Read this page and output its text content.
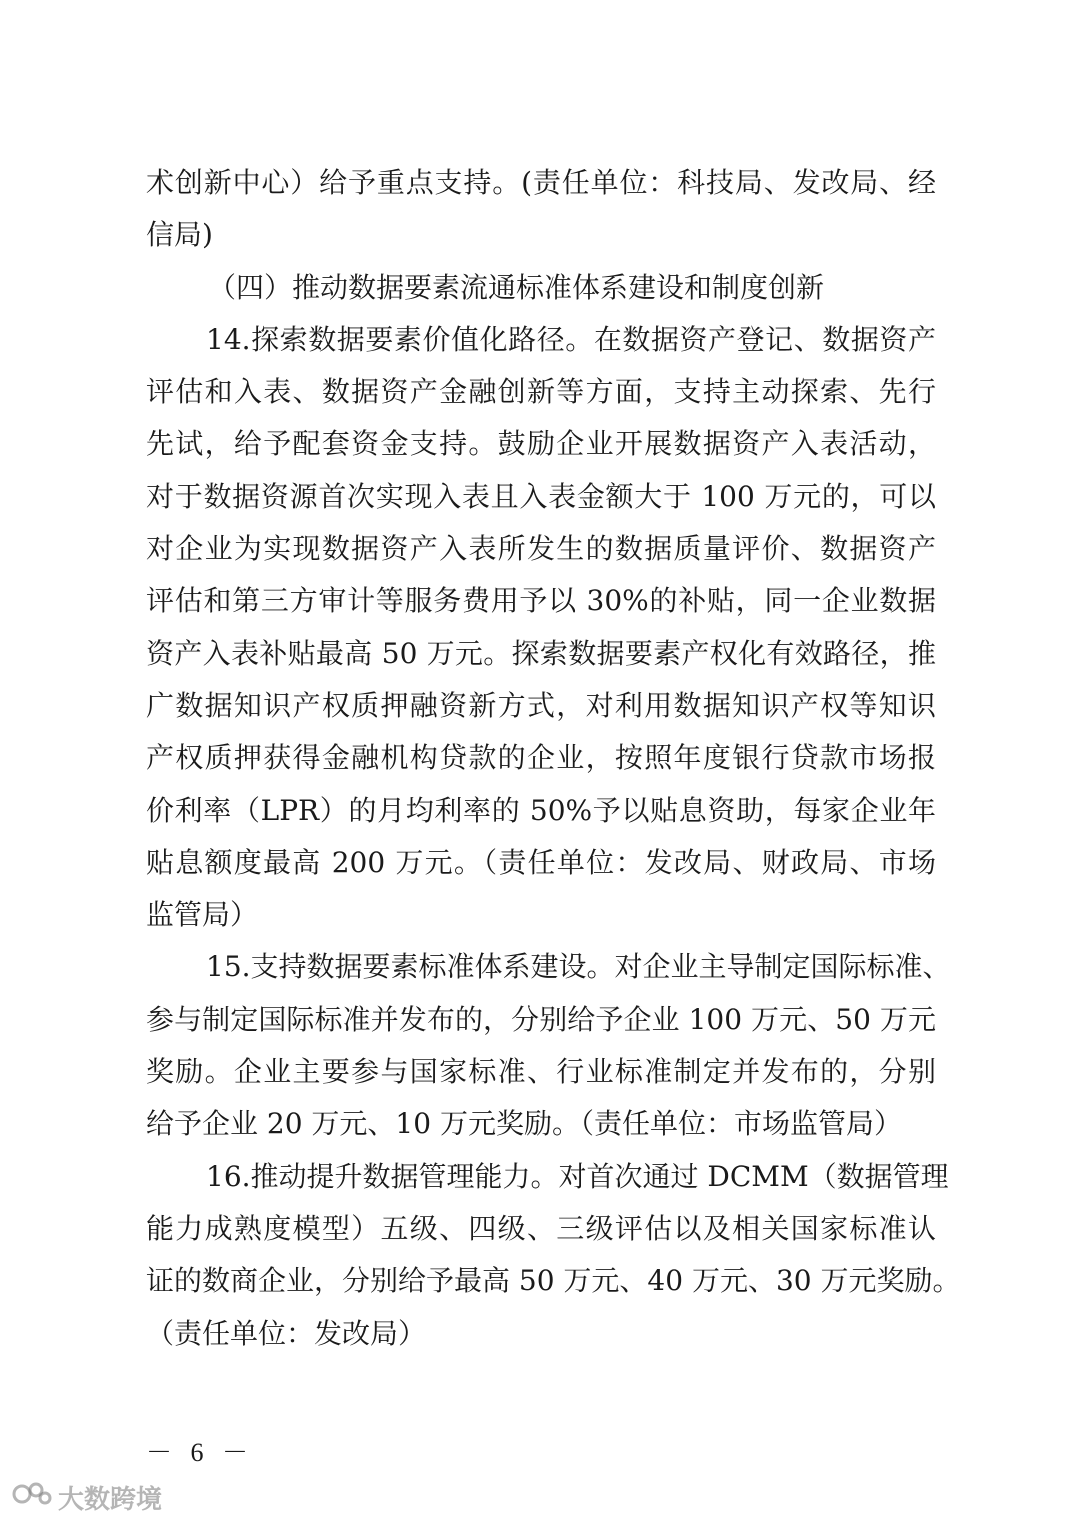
术创新中心）给予重点支持。(责任单位：科技局、发改局、经
信局)
（四）推动数据要素流通标准体系建设和制度创新
14.探索数据要素价值化路径。在数据资产登记、数据资产
评估和入表、数据资产金融创新等方面，支持主动探索、先行
先试，给予配套资金支持。鼓励企业开展数据资产入表活动，
对于数据资源首次实现入表且入表金额大于 100 万元的，可以
对企业为实现数据资产入表所发生的数据质量评价、数据资产
评估和第三方审计等服务费用予以 30%的补贴，同一企业数据
资产入表补贴最高 50 万元。探索数据要素产权化有效路径，推
广数据知识产权质押融资新方式，对利用数据知识产权等知识
产权质押获得金融机构贷款的企业，按照年度银行贷款市场报
价利率（LPR）的月均利率的 50%予以贴息资助，每家企业年
贴息额度最高 200 万元。（责任单位：发改局、财政局、市场
监管局）
15.支持数据要素标准体系建设。对企业主导制定国际标准、
参与制定国际标准并发布的，分别给予企业 100 万元、50 万元
奖励。企业主要参与国家标准、行业标准制定并发布的，分别
给予企业 20 万元、10 万元奖励。（责任单位：市场监管局）
16.推动提升数据管理能力。对首次通过 DCMM（数据管理
能力成熟度模型）五级、四级、三级评估以及相关国家标准认
证的数商企业，分别给予最高 50 万元、40 万元、30 万元奖励。
（责任单位：发改局）
－ 6 －
大数跨境
